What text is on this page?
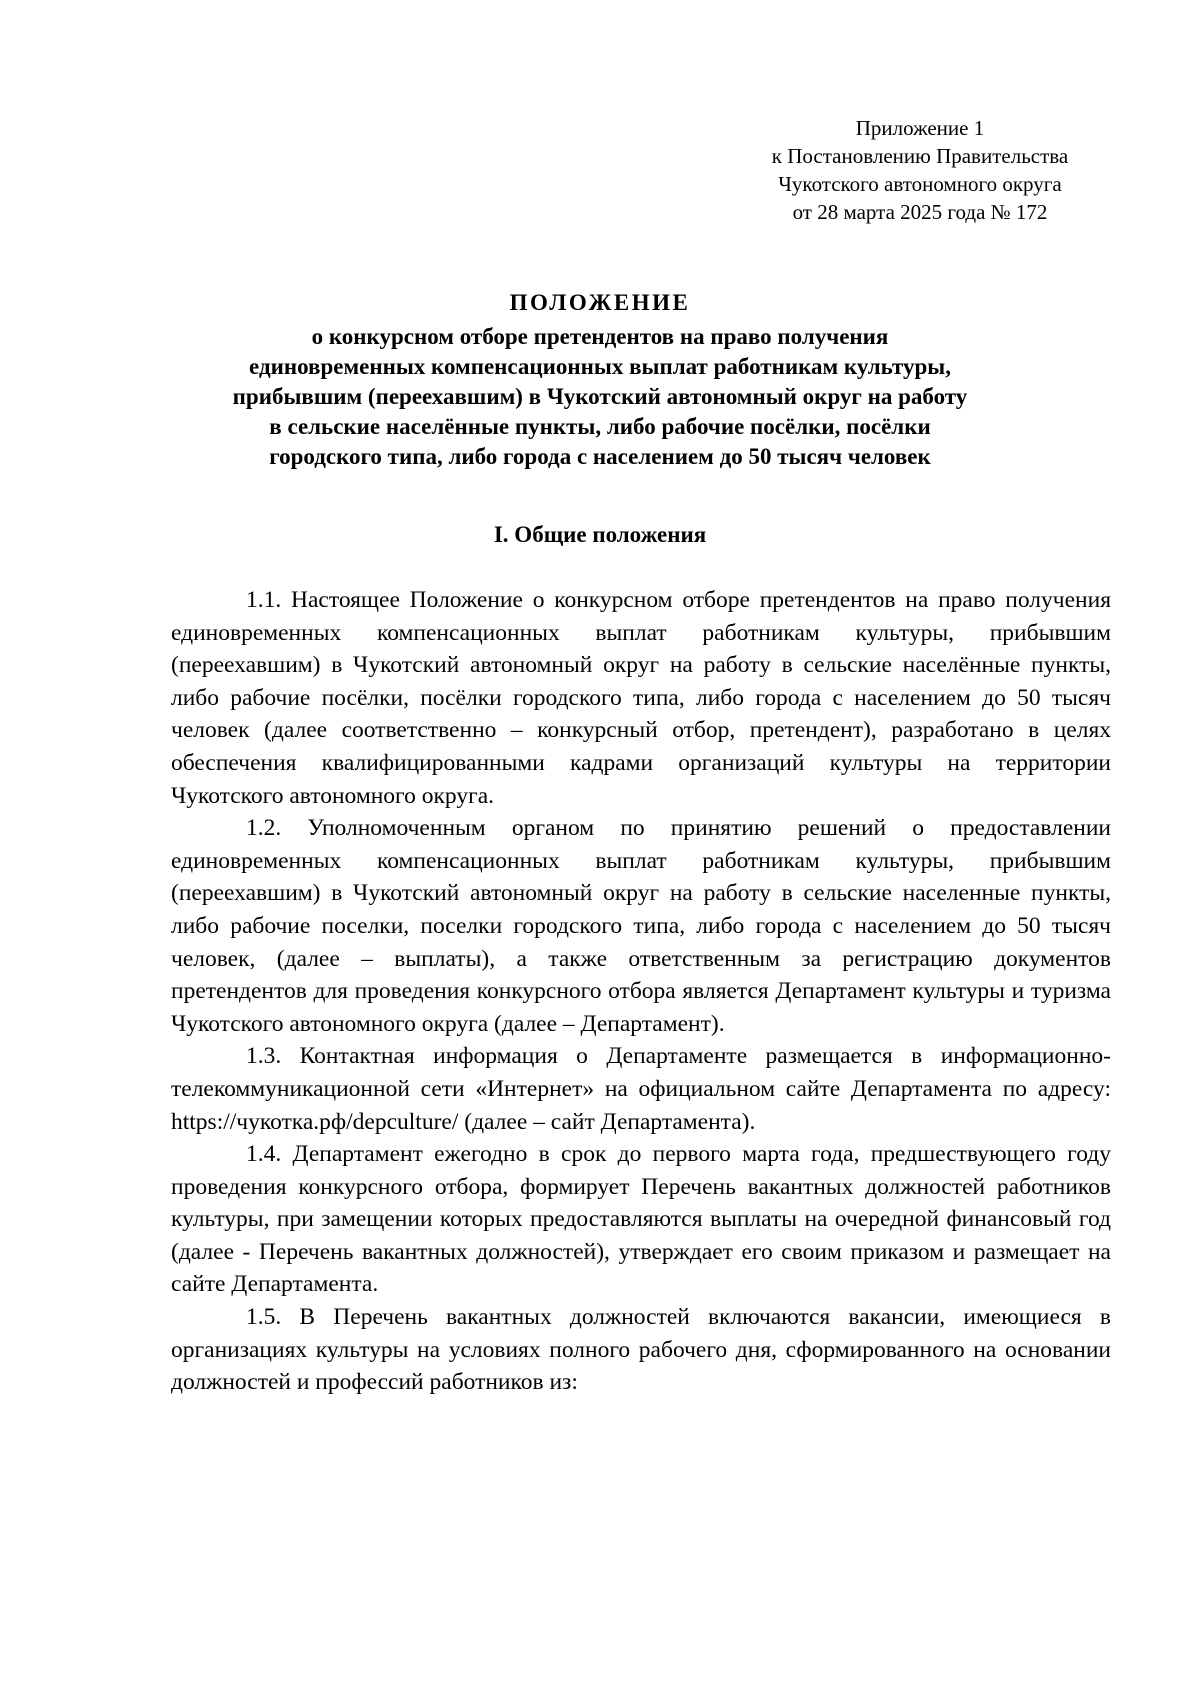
Приложение 1
к Постановлению Правительства
Чукотского автономного округа
от 28 марта 2025 года № 172
ПОЛОЖЕНИЕ
о конкурсном отборе претендентов на право получения
единовременных компенсационных выплат работникам культуры,
прибывшим (переехавшим) в Чукотский автономный округ на работу
в сельские населённые пункты, либо рабочие посёлки, посёлки
городского типа, либо города с населением до 50 тысяч человек
I. Общие положения

1.1. Настоящее Положение о конкурсном отборе претендентов на право получения единовременных компенсационных выплат работникам культуры, прибывшим (переехавшим) в Чукотский автономный округ на работу в сельские населённые пункты, либо рабочие посёлки, посёлки городского типа, либо города с населением до 50 тысяч человек (далее соответственно – конкурсный отбор, претендент), разработано в целях обеспечения квалифицированными кадрами организаций культуры на территории Чукотского автономного округа.

1.2. Уполномоченным органом по принятию решений о предоставлении единовременных компенсационных выплат работникам культуры, прибывшим (переехавшим) в Чукотский автономный округ на работу в сельские населенные пункты, либо рабочие поселки, поселки городского типа, либо города с населением до 50 тысяч человек, (далее – выплаты), а также ответственным за регистрацию документов претендентов для проведения конкурсного отбора является Департамент культуры и туризма Чукотского автономного округа (далее – Департамент).

1.3. Контактная информация о Департаменте размещается в информационно-телекоммуникационной сети «Интернет» на официальном сайте Департамента по адресу: https://чукотка.рф/depculture/ (далее – сайт Департамента).

1.4. Департамент ежегодно в срок до первого марта года, предшествующего году проведения конкурсного отбора, формирует Перечень вакантных должностей работников культуры, при замещении которых предоставляются выплаты на очередной финансовый год (далее - Перечень вакантных должностей), утверждает его своим приказом и размещает на сайте Департамента.

1.5. В Перечень вакантных должностей включаются вакансии, имеющиеся в организациях культуры на условиях полного рабочего дня, сформированного на основании должностей и профессий работников из:
